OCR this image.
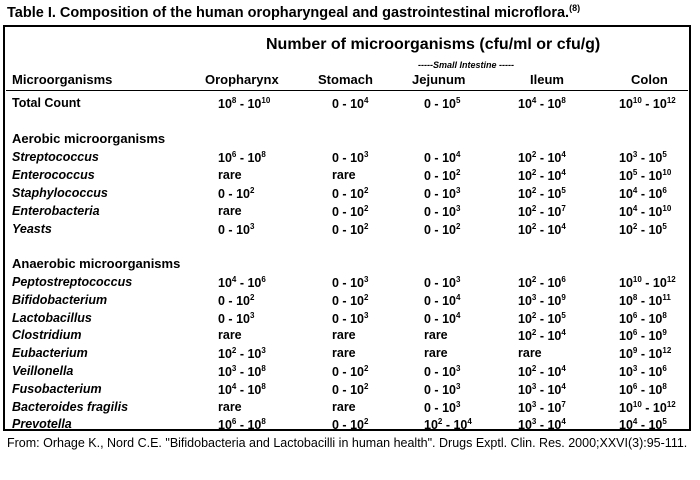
Table I. Composition of the human oropharyngeal and gastrointestinal microflora.$^{(8)}$
Number of microorganisms (cfu/ml or cfu/g)
-----Small Intestine -----
Microorganisms	Oropharynx	Stomach	Jejunum	Ileum	Colon
Total Count	$10^8 - 10^{10}$	$0 - 10^4$	$0 - 10^5$	$10^4 - 10^8$	$10^{10} - 10^{12}$
Aerobic microorganisms
Streptococcus	$10^6 - 10^8$	$0 - 10^3$	$0 - 10^4$	$10^2 - 10^4$	$10^3 - 10^5$
Enterococcus	rare	rare	$0 - 10^2$	$10^2 - 10^4$	$10^5 - 10^{10}$
Staphylococcus	$0 - 10^2$	$0 - 10^2$	$0 - 10^3$	$10^2 - 10^5$	$10^4 - 10^6$
Enterobacteria	rare	$0 - 10^2$	$0 - 10^3$	$10^2 - 10^7$	$10^4 - 10^{10}$
Yeasts	$0 - 10^3$	$0 - 10^2$	$0 - 10^2$	$10^2 - 10^4$	$10^2 - 10^5$
Anaerobic microorganisms
Peptostreptococcus	$10^4 - 10^6$	$0 - 10^3$	$0 - 10^3$	$10^2 - 10^6$	$10^{10} - 10^{12}$
Bifidobacterium	$0 - 10^2$	$0 - 10^2$	$0 - 10^4$	$10^3 - 10^9$	$10^8 - 10^{11}$
Lactobacillus	$0 - 10^3$	$0 - 10^3$	$0 - 10^4$	$10^2 - 10^5$	$10^6 - 10^8$
Clostridium	rare	rare	rare	$10^2 - 10^4$	$10^6 - 10^9$
Eubacterium	$10^2 - 10^3$	rare	rare	rare	$10^9 - 10^{12}$
Veillonella	$10^3 - 10^8$	$0 - 10^2$	$0 - 10^3$	$10^2 - 10^4$	$10^3 - 10^6$
Fusobacterium	$10^4 - 10^8$	$0 - 10^2$	$0 - 10^3$	$10^3 - 10^4$	$10^6 - 10^8$
Bacteroides fragilis	rare	rare	$0 - 10^3$	$10^3 - 10^7$	$10^{10} - 10^{12}$
Prevotella	$10^6 - 10^8$	$0 - 10^2$	$10^2 - 10^4$	$10^3 - 10^4$	$10^4 - 10^5$
From: Orhage K., Nord C.E. "Bifidobacteria and Lactobacilli in human health". Drugs Exptl. Clin. Res. 2000;XXVI(3):95-111.
